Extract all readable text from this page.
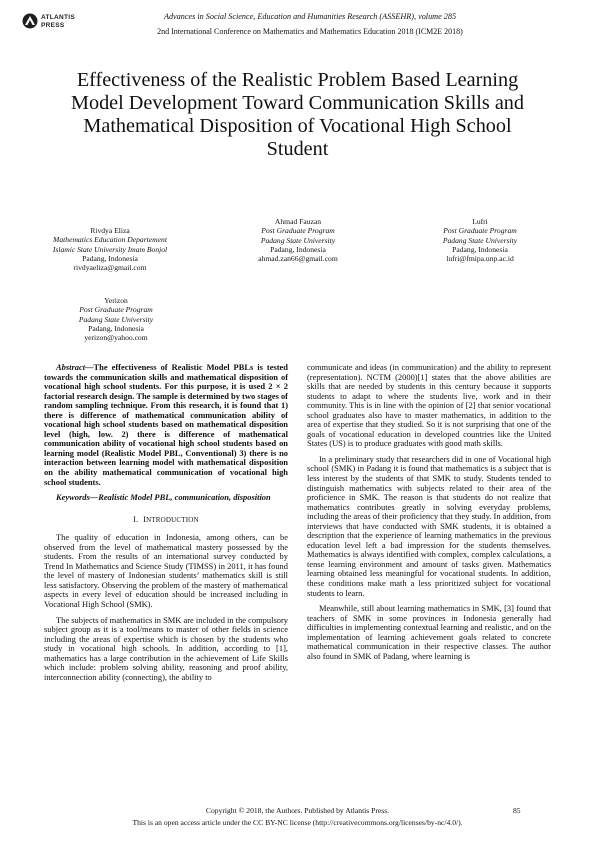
ATLANTIS
PRESS
Advances in Social Science, Education and Humanities Research (ASSEHR), volume 285
2nd International Conference on Mathematics and Mathematics Education 2018 (ICM2E 2018)
Effectiveness of the Realistic Problem Based Learning Model Development Toward Communication Skills and Mathematical Disposition of Vocational High School Student
Rivdya Eliza
Mathematics Education Departement
Islamic State University Imam Bonjol
Padang, Indonesia
rivdyaeliza@gmail.com
Ahmad Fauzan
Post Graduate Program
Padang State University
Padang, Indonesia
ahmad.zan66@gmail.com
Lufri
Post Graduate Program
Padang State University
Padang, Indonesia
lufri@fmipa.unp.ac.id
Yerizon
Post Graduate Program
Padang State University
Padang, Indonesia
yerizon@yahoo.com

Abstract—The effectiveness of Realistic Model PBLs is tested towards the communication skills and mathematical disposition of vocational high school students. For this purpose, it is used 2 × 2 factorial research design. The sample is determined by two stages of random sampling technique. From this research, it is found that 1) there is difference of mathematical communication ability of vocational high school students based on mathematical disposition level (high, low. 2) there is difference of mathematical communication ability of vocational high school students based on learning model (Realistic Model PBL, Conventional) 3) there is no interaction between learning model with mathematical disposition on the ability mathematical communication of vocational high school students.

Keywords—Realistic Model PBL, communication, disposition

I. INTRODUCTION

The quality of education in Indonesia, among others, can be observed from the level of mathematical mastery possessed by the students. From the results of an international survey conducted by Trend In Mathematics and Science Study (TIMSS) in 2011, it has found the level of mastery of Indonesian students’ mathematics skill is still less satisfactory. Observing the problem of the mastery of mathematical aspects in every level of education should be increased including in Vocational High School (SMK).

The subjects of mathematics in SMK are included in the compulsory subject group as it is a tool/means to master of other fields in science including the areas of expertise which is chosen by the students who study in vocational high schools. In addition, according to [1], mathematics has a large contribution in the achievement of Life Skills which include: problem solving ability, reasoning and proof ability, interconnection ability (connecting), the ability to

communicate and ideas (in communication) and the ability to represent (representation). NCTM (2000)[1] states that the above abilities are skills that are needed by students in this century because it supports students to adapt to where the students live, work and in their community. This is in line with the opinion of [2] that senior vocational school graduates also have to master mathematics, in addition to the area of expertise that they studied. So it is not surprising that one of the goals of vocational education in developed countries like the United States (US) is to produce graduates with good math skills.

In a preliminary study that researchers did in one of Vocational high school (SMK) in Padang it is found that mathematics is a subject that is less interest by the students of that SMK to study. Students tended to distinguish mathematics with subjects related to their area of the proficience in SMK. The reason is that students do not realize that mathematics contributes greatly in solving everyday problems, including the areas of their proficiency that they study. In addition, from interviews that have conducted with SMK students, it is obtained a description that the experience of learning mathematics in the previous education level left a bad impression for the students themselves. Mathematics is always identified with complex, complex calculations, a tense learning environment and amount of tasks given. Mathematics learning obtained less meaningful for vocational students. In addition, these conditions make math a less prioritized subject for vocational students to learn.

Meanwhile, still about learning mathematics in SMK, [3] found that teachers of SMK in some provinces in Indonesia generally had difficulties in implementing contextual learning and realistic, and on the implementation of learning achievement goals related to concrete mathematical communication in their respective classes. The author also found in SMK of Padang, where learning is

Copyright © 2018, the Authors. Published by Atlantis Press.	85
This is an open access article under the CC BY-NC license (http://creativecommons.org/licenses/by-nc/4.0/).
